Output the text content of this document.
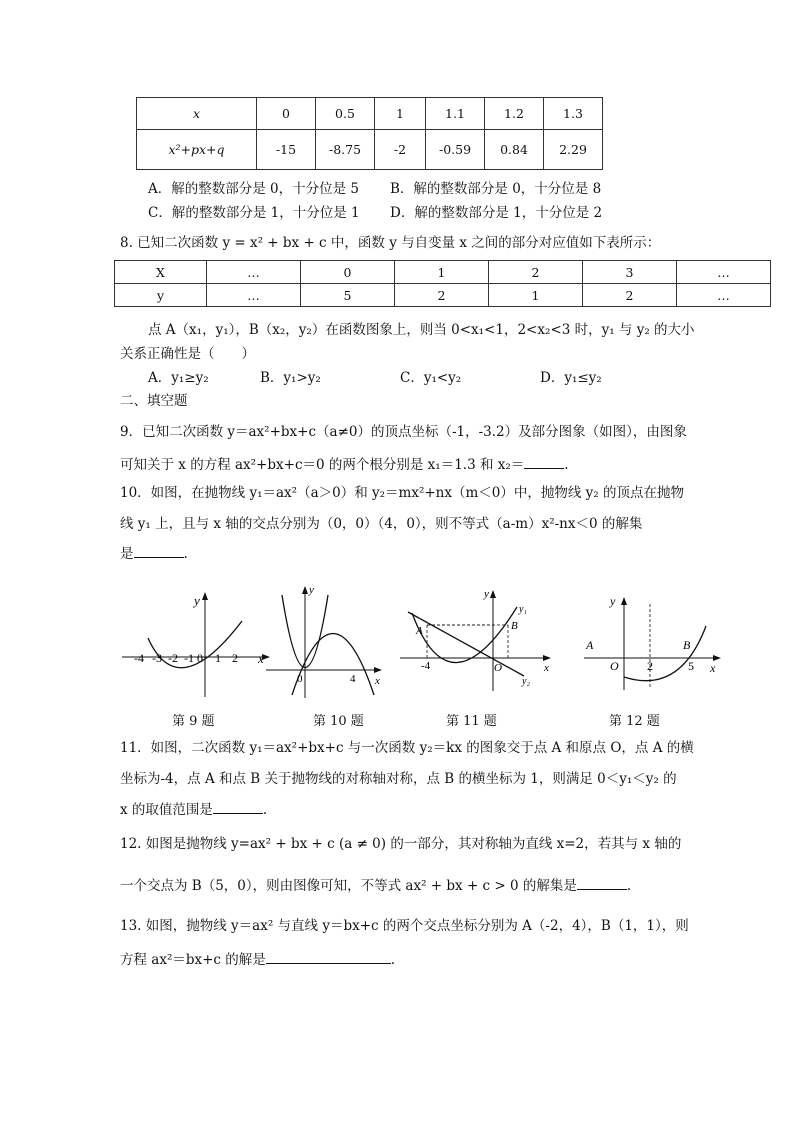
x	0	0.5	1	1.1	1.2	1.3
x²+px+q	-15	-8.75	-2	-0.59	0.84	2.29
A．解的整数部分是 0，十分位是 5 B．解的整数部分是 0，十分位是 8
C．解的整数部分是 1，十分位是 1 D．解的整数部分是 1，十分位是 2
8. 已知二次函数 y = x² + bx + c 中，函数 y 与自变量 x 之间的部分对应值如下表所示：
X	…	0	1	2	3	…
y	…	5	2	1	2	…
点 A（x₁，y₁），B（x₂，y₂）在函数图象上，则当 0<x₁<1，2<x₂<3 时，y₁ 与 y₂ 的大小
关系正确性是（　　）
A．y₁≥y₂	B．y₁>y₂	C．y₁<y₂	D．y₁≤y₂
二、填空题
9．已知二次函数 y＝ax²+bx+c（a≠0）的顶点坐标（-1，-3.2）及部分图象（如图），由图象
可知关于 x 的方程 ax²+bx+c＝0 的两个根分别是 x₁＝1.3 和 x₂＝	.
10．如图，在抛物线 y₁＝ax²（a＞0）和 y₂＝mx²+nx（m＜0）中，抛物线 y₂ 的顶点在抛物
线 y₁ 上，且与 x 轴的交点分别为（0，0）（4，0），则不等式（a-m）x²-nx＜0 的解集
是	.
y
x
-4 -3 -2 -1 0 1 2
第 9 题
y
x
0	4
第 10 题
y
x
A	B
O
-4
y₁
y₂
第 11 题
y
x
A	B
O 2	5
第 12 题
11．如图，二次函数 y₁＝ax²+bx+c 与一次函数 y₂＝kx 的图象交于点 A 和原点 O，点 A 的横
坐标为-4，点 A 和点 B 关于抛物线的对称轴对称，点 B 的横坐标为 1，则满足 0＜y₁＜y₂ 的
x 的取值范围是	.
12. 如图是抛物线 y=ax² + bx + c (a ≠ 0) 的一部分，其对称轴为直线 x=2，若其与 x 轴的
一个交点为 B（5，0），则由图像可知，不等式 ax² + bx + c > 0 的解集是	.
13. 如图，抛物线 y＝ax² 与直线 y＝bx+c 的两个交点坐标分别为 A（-2，4），B（1，1），则
方程 ax²＝bx+c 的解是	.
